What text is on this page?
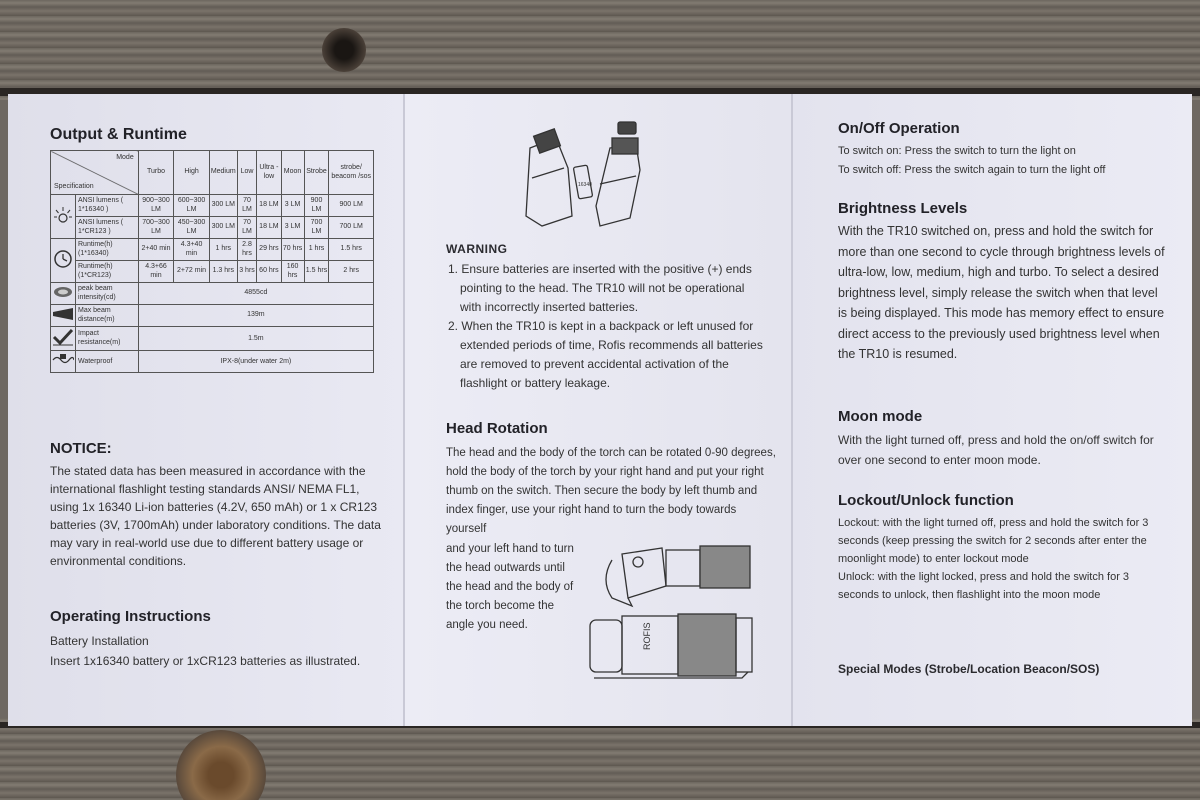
Output & Runtime
Mode
Specification		Turbo	High	Medium	Low	Ultra -low	Moon	Strobe	strobe/ beacom /sos
	ANSI lumens ( 1*16340 )	900~300 LM	600~300 LM	300 LM	70 LM	18 LM	3 LM	900 LM	900 LM
	ANSI lumens ( 1*CR123 )	700~300 LM	450~300 LM	300 LM	70 LM	18 LM	3 LM	700 LM	700 LM
	Runtime(h) (1*16340)	2+40 min	4.3+40 min	1 hrs	2.8 hrs	29 hrs	70 hrs	1 hrs	1.5 hrs
	Runtime(h) (1*CR123)	4.3+66 min	2+72 min	1.3 hrs	3 hrs	60 hrs	160 hrs	1.5 hrs	2 hrs
	peak beam intensity(cd)	4855cd							
	Max beam distance(m)	139m							
	Impact resistance(m)	1.5m							
	Waterproof	IPX-8(under water 2m)							
NOTICE:

The stated data has been measured in accordance with the international flashlight testing standards ANSI/ NEMA FL1, using 1x 16340 Li-ion batteries (4.2V, 650 mAh) or 1 x CR123 batteries (3V, 1700mAh) under laboratory conditions. The data may vary in real-world use due to different battery usage or environmental conditions.

Operating Instructions

Battery Installation

Insert 1x16340 battery or 1xCR123 batteries as illustrated.

16340
WARNING
1. Ensure batteries are inserted with the positive (+) ends pointing to the head. The TR10 will not be operational with incorrectly inserted batteries.
2. When the TR10 is kept in a backpack or left unused for extended periods of time, Rofis recommends all batteries are removed to prevent accidental activation of the flashlight or battery leakage.
Head Rotation

The head and the body of the torch can be rotated 0-90 degrees, hold the body of the torch by your right hand and put your right thumb on the switch. Then secure the body by left thumb and index finger, use your right hand to turn the body towards yourself

and your left hand to turn the head outwards until the head and the body of the torch become the angle you need.	ROFIS
On/Off Operation
To switch on: Press the switch to turn the light on
To switch off: Press the switch again to turn the light off
Brightness Levels

With the TR10 switched on, press and hold the switch for more than one second to cycle through brightness levels of ultra-low, low, medium, high and turbo. To select a desired brightness level, simply release the switch when that level is being displayed. This mode has memory effect to ensure direct access to the previously used brightness level when the TR10 is resumed.

Moon mode

With the light turned off, press and hold the on/off switch for over one second to enter moon mode.

Lockout/Unlock function

Lockout: with the light turned off, press and hold the switch for 3 seconds (keep pressing the switch for 2 seconds after enter the moonlight mode) to enter lockout mode

Unlock: with the light locked, press and hold the switch for 3 seconds to unlock, then flashlight into the moon mode

Special Modes (Strobe/Location Beacon/SOS)
